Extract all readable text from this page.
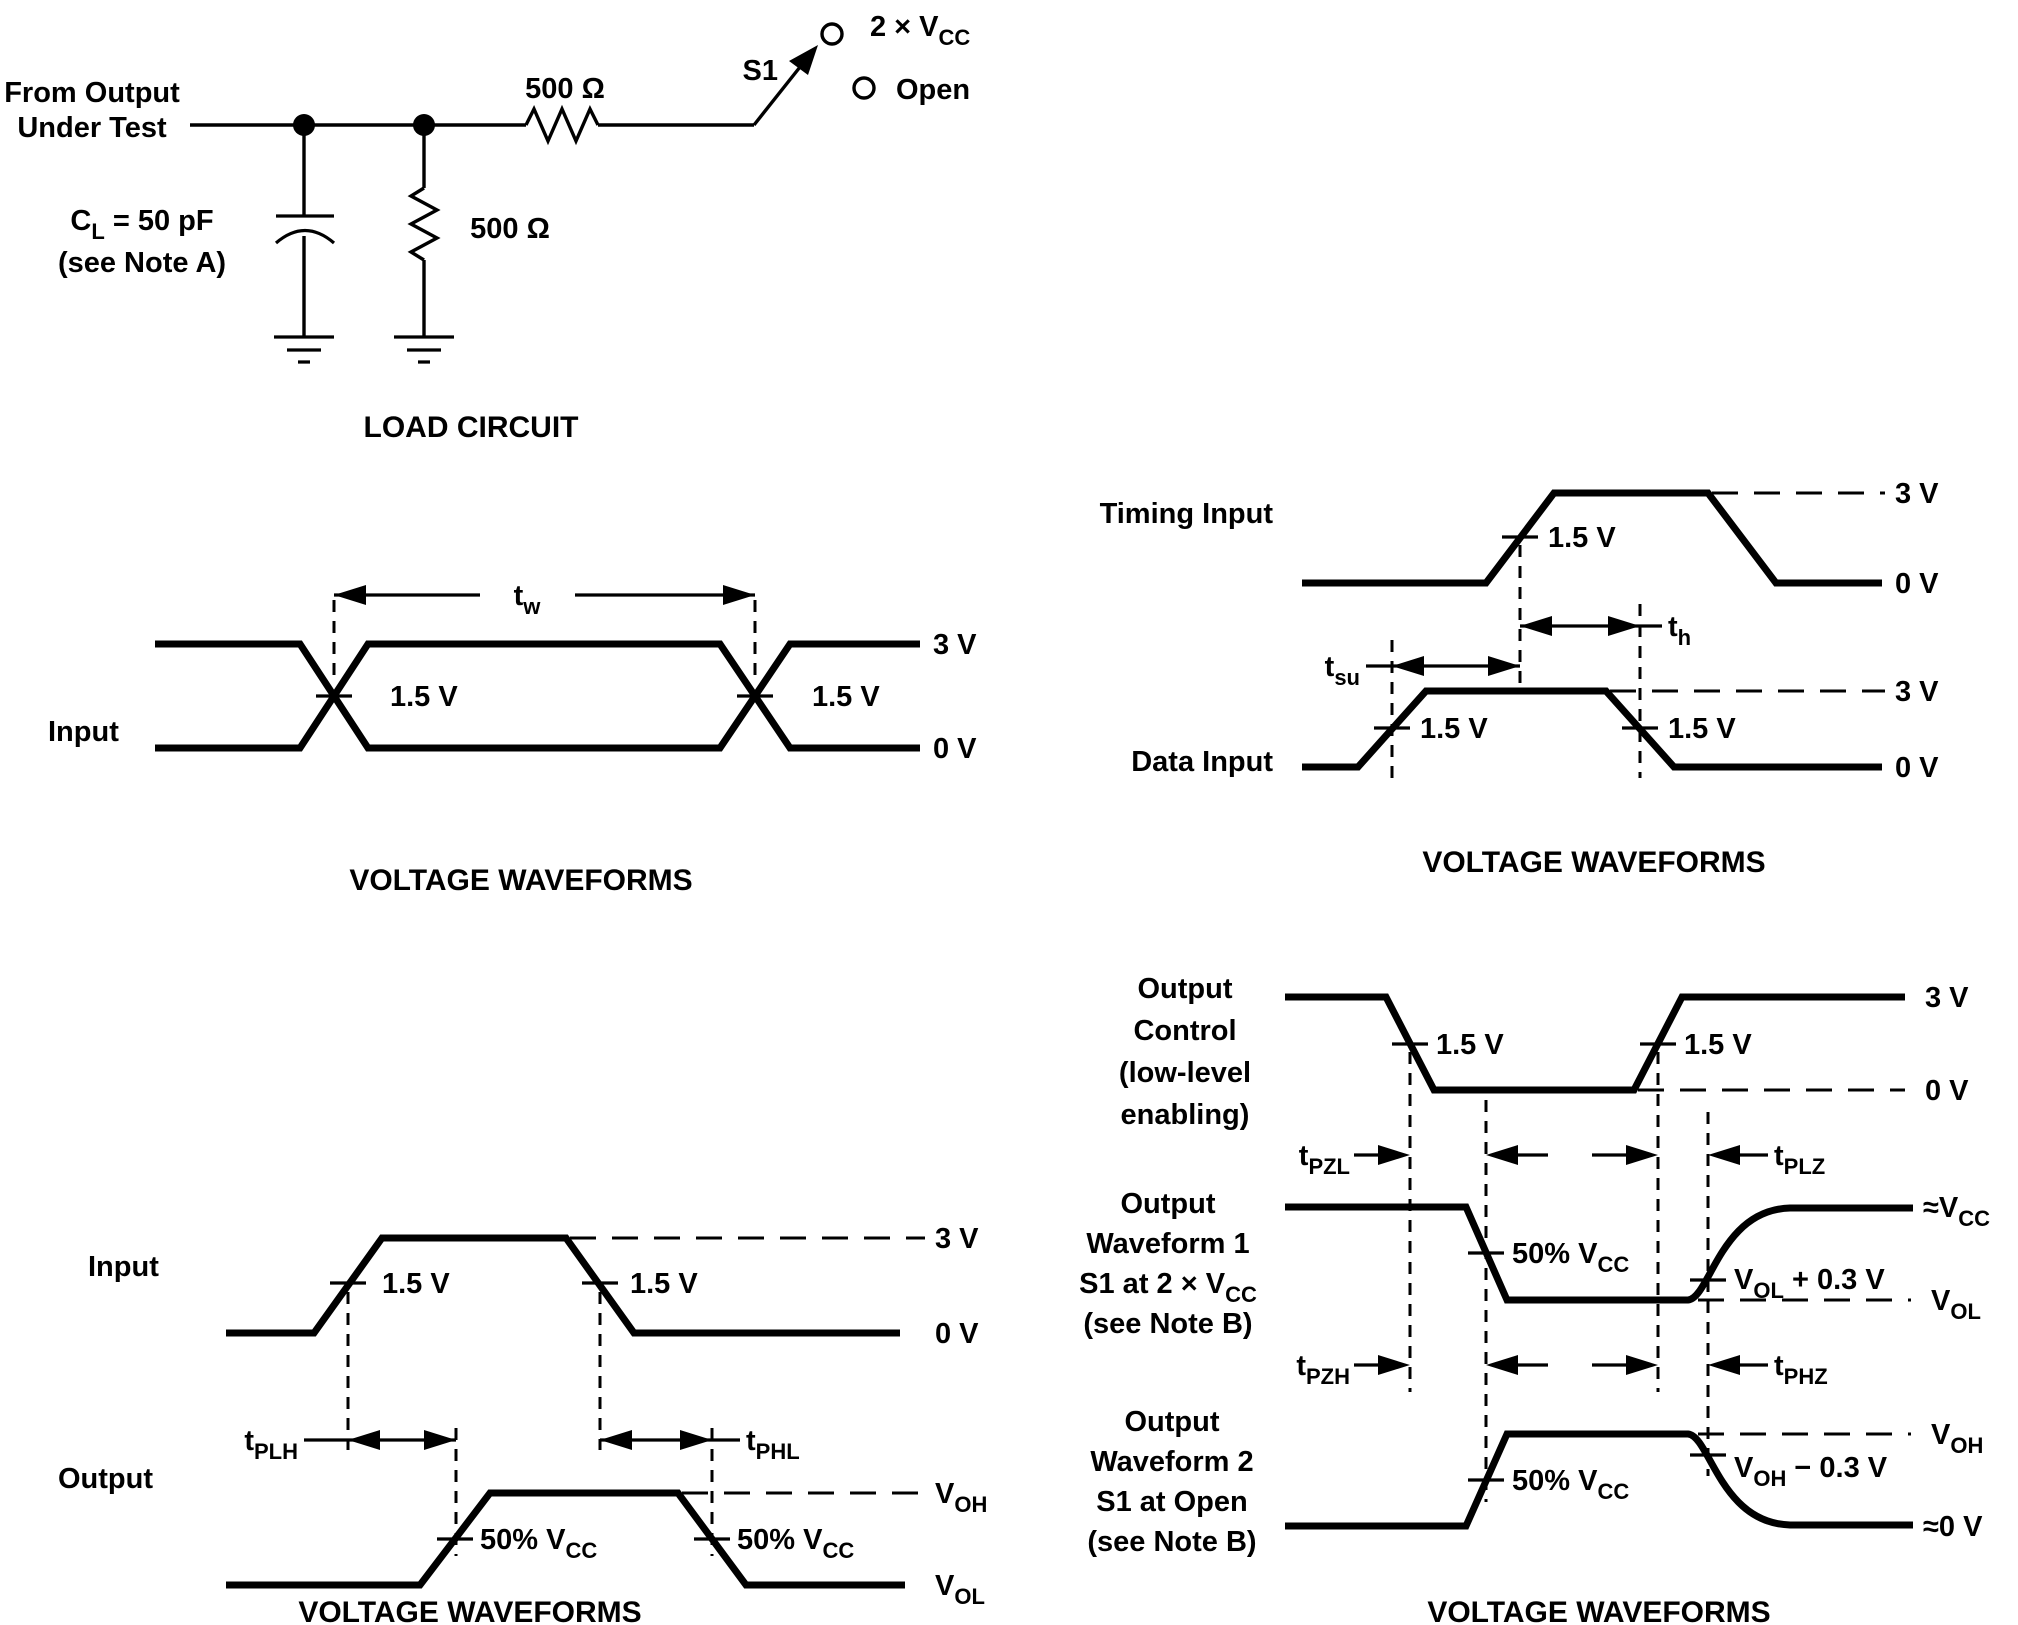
From Output
Under Test
500 Ω
$C_L = 50$ pF
(see Note A)
500 Ω
S1
$2 \times V_{CC}$
Open
LOAD CIRCUIT
Input
$t_w$
1.5 V	1.5 V
3 V
0 V
VOLTAGE WAVEFORMS
Timing Input
1.5 V
3 V
0 V
$t_h$
$t_{su}$
Data Input
1.5 V	1.5 V
3 V
0 V
VOLTAGE WAVEFORMS
Input
1.5 V	1.5 V
3 V
0 V
$t_{PLH}$	$t_{PHL}$
Output
50% $V_{CC}$	50% $V_{CC}$
$V_{OH}$
$V_{OL}$
VOLTAGE WAVEFORMS
Output
Control
(low-level
enabling)
1.5 V	1.5 V
3 V
0 V
$t_{PZL}$	$t_{PLZ}$
Output
Waveform 1
S1 at $2 \times V_{CC}$
(see Note B)
50% $V_{CC}$	$V_{OL} + 0.3$ V
$\approx V_{CC}$
$V_{OL}$
$t_{PZH}$	$t_{PHZ}$
Output
Waveform 2
S1 at Open
(see Note B)
50% $V_{CC}$
$V_{OH}$
$V_{OH} - 0.3$ V
≈0 V
VOLTAGE WAVEFORMS
